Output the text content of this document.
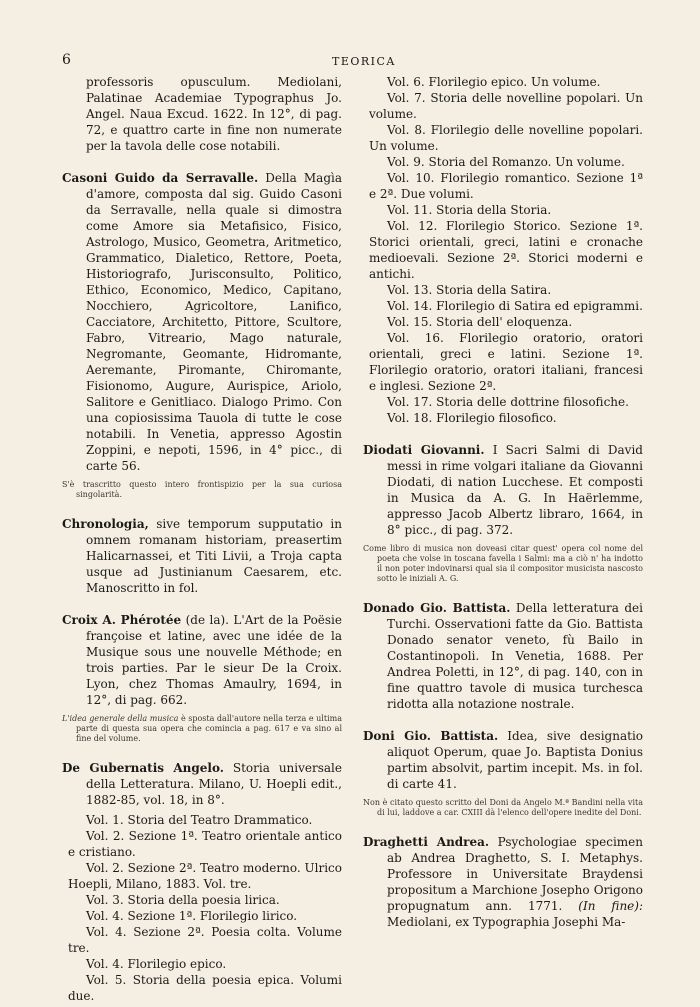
6	TEORICA

professoris opusculum. Mediolani, Palatinae Academiae Typographus Jo. Angel. Naua Excud. 1622. In 12°, di pag. 72, e quattro carte in fine non numerate per la tavola delle cose notabili.

Casoni Guido da Serravalle. Della Magìa d'amore, composta dal sig. Guido Casoni da Serravalle, nella quale si dimostra come Amore sia Metafisico, Fisico, Astrologo, Musico, Geometra, Aritmetico, Grammatico, Dialetico, Rettore, Poeta, Historiografo, Jurisconsulto, Politico, Ethico, Economico, Medico, Capitano, Nocchiero, Agricoltore, Lanifico, Cacciatore, Architetto, Pittore, Scultore, Fabro, Vitreario, Mago naturale, Negromante, Geomante, Hidromante, Aeremante, Piromante, Chiromante, Fisionomo, Augure, Aurispice, Ariolo, Salitore e Genitliaco. Dialogo Primo. Con una copiosissima Tauola di tutte le cose notabili. In Venetia, appresso Agostin Zoppini, e nepoti, 1596, in 4° picc., di carte 56.

S'è trascritto questo intero frontispizio per la sua curiosa singolarità.

Chronologia, sive temporum supputatio in omnem romanam historiam, preasertim Halicarnassei, et Titi Livii, a Troja capta usque ad Justinianum Caesarem, etc. Manoscritto in fol.

Croix A. Phérotée (de la). L'Art de la Poësie françoise et latine, avec une idée de la Musique sous une nouvelle Méthode; en trois parties. Par le sieur De la Croix. Lyon, chez Thomas Amaulry, 1694, in 12°, di pag. 662.

L'idea generale della musica è sposta dall'autore nella terza e ultima parte di questa sua opera che comincia a pag. 617 e va sino al fine del volume.

De Gubernatis Angelo. Storia universale della Letteratura. Milano, U. Hoepli edit., 1882-85, vol. 18, in 8°.

Vol. 1. Storia del Teatro Drammatico.

Vol. 2. Sezione 1ª. Teatro orientale antico e cristiano.

Vol. 2. Sezione 2ª. Teatro moderno. Ulrico Hoepli, Milano, 1883. Vol. tre.

Vol. 3. Storia della poesia lirica.

Vol. 4. Sezione 1ª. Florilegio lirico.

Vol. 4. Sezione 2ª. Poesia colta. Volume tre.

Vol. 4. Florilegio epico.

Vol. 5. Storia della poesia epica. Volumi due.

Vol. 6. Florilegio epico. Un volume.

Vol. 7. Storia delle novelline popolari. Un volume.

Vol. 8. Florilegio delle novelline popolari. Un volume.

Vol. 9. Storia del Romanzo. Un volume.

Vol. 10. Florilegio romantico. Sezione 1ª e 2ª. Due volumi.

Vol. 11. Storia della Storia.

Vol. 12. Florilegio Storico. Sezione 1ª. Storici orientali, greci, latini e cronache medioevali. Sezione 2ª. Storici moderni e antichi.

Vol. 13. Storia della Satira.

Vol. 14. Florilegio di Satira ed epigrammi.

Vol. 15. Storia dell' eloquenza.

Vol. 16. Florilegio oratorio, oratori orientali, greci e latini. Sezione 1ª. Florilegio oratorio, oratori italiani, francesi e inglesi. Sezione 2ª.

Vol. 17. Storia delle dottrine filosofiche.

Vol. 18. Florilegio filosofico.

Diodati Giovanni. I Sacri Salmi di David messi in rime volgari italiane da Giovanni Diodati, di nation Lucchese. Et composti in Musica da A. G. In Haërlemme, appresso Jacob Albertz libraro, 1664, in 8° picc., di pag. 372.

Come libro di musica non doveasi citar quest' opera col nome del poeta che volse in toscana favella i Salmi: ma a ciò n' ha indotto il non poter indovinarsi qual sia il compositor musicista nascosto sotto le iniziali A. G.

Donado Gio. Battista. Della letteratura dei Turchi. Osservationi fatte da Gio. Battista Donado senator veneto, fù Bailo in Costantinopoli. In Venetia, 1688. Per Andrea Poletti, in 12°, di pag. 140, con in fine quattro tavole di musica turchesca ridotta alla notazione nostrale.

Doni Gio. Battista. Idea, sive designatio aliquot Operum, quae Jo. Baptista Donius partim absolvit, partim incepit. Ms. in fol. di carte 41.

Non è citato questo scritto del Doni da Angelo M.ª Bandini nella vita di lui, laddove a car. CXIII dà l'elenco dell'opere inedite del Doni.

Draghetti Andrea. Psychologiae specimen ab Andrea Draghetto, S. I. Metaphys. Professore in Universitate Braydensi propositum a Marchione Josepho Origono propugnatum ann. 1771. (In fine): Mediolani, ex Typographia Josephi Ma-
